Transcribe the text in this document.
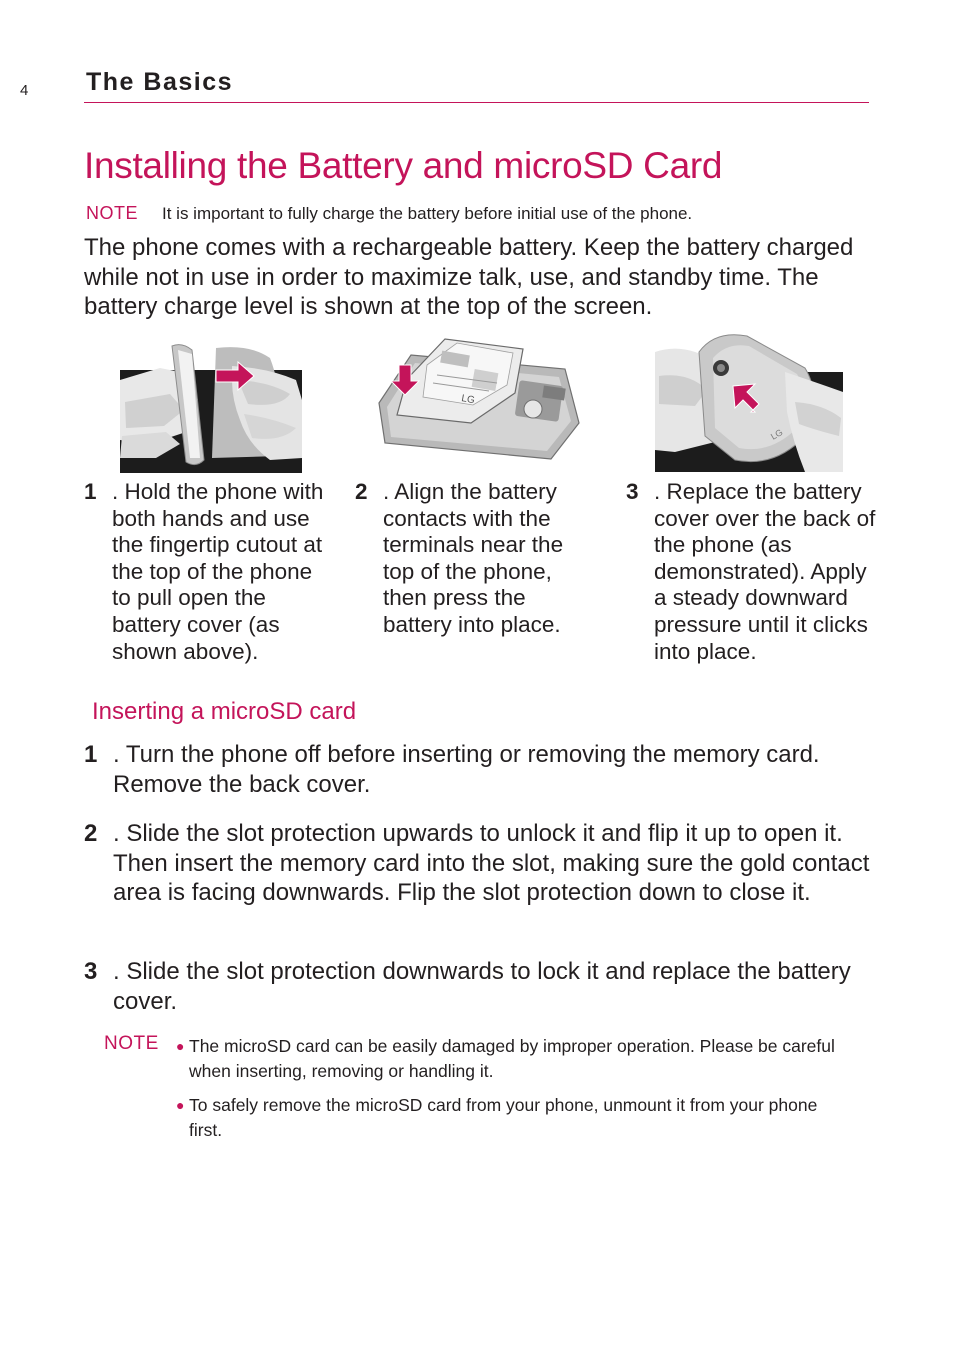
4 The Basics
Installing the Battery and microSD Card
NOTE It is important to fully charge the battery before initial use of the phone.

The phone comes with a rechargeable battery. Keep the battery charged while not in use in order to maximize talk, use, and standby time. The battery charge level is shown at the top of the screen.

LG
LG
1 . Hold the phone with both hands and use the fingertip cutout at the top of the phone to pull open the battery cover (as shown above).
2 . Align the battery contacts with the terminals near the top of the phone, then press the battery into place.
3 . Replace the battery cover over the back of the phone (as demonstrated). Apply a steady downward pressure until it clicks into place.
Inserting a microSD card
1 . Turn the phone off before inserting or removing the memory card. Remove the back cover.
2 . Slide the slot protection upwards to unlock it and flip it up to open it. Then insert the memory card into the slot, making sure the gold contact area is facing downwards. Flip the slot protection down to close it.
3 . Slide the slot protection downwards to lock it and replace the battery cover.
NOTE ● The microSD card can be easily damaged by improper operation. Please be careful when inserting, removing or handling it.
● To safely remove the microSD card from your phone, unmount it from your phone first.
